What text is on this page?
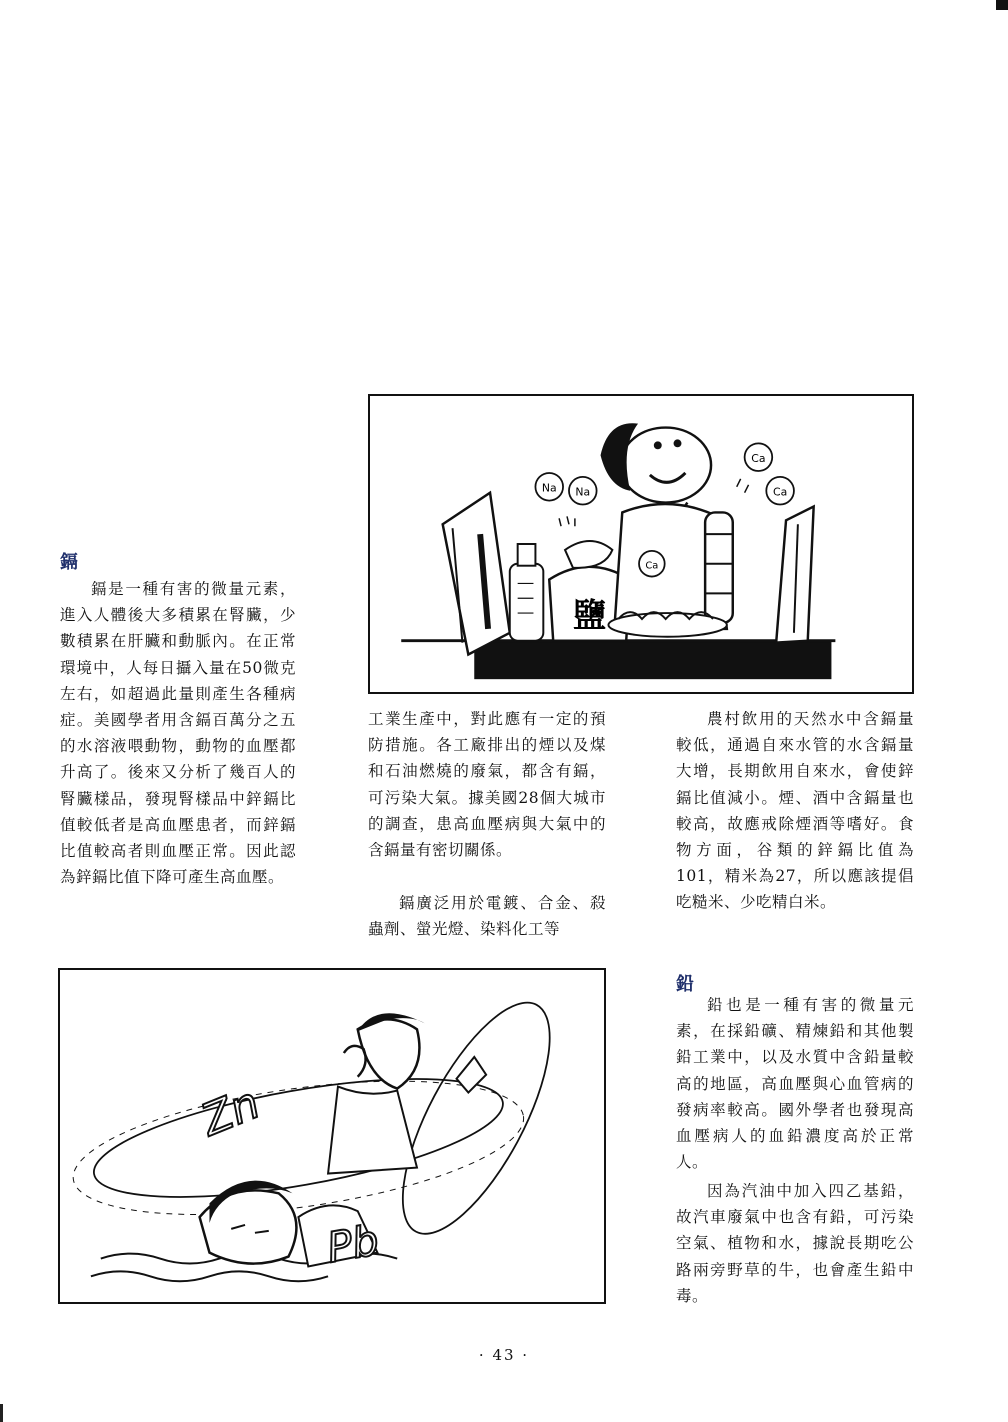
鎘

鎘是一種有害的微量元素，進入人體後大多積累在腎臟，少數積累在肝臟和動脈內。在正常環境中，人每日攝入量在50微克左右，如超過此量則產生各種病症。美國學者用含鎘百萬分之五的水溶液喂動物，動物的血壓都升高了。後來又分析了幾百人的腎臟樣品，發現腎樣品中鋅鎘比值較低者是高血壓患者，而鋅鎘比值較高者則血壓正常。因此認為鋅鎘比值下降可產生高血壓。

鹽
Na Na
Ca
Ca
Ca

工業生產中，對此應有一定的預防措施。各工廠排出的煙以及煤和石油燃燒的廢氣，都含有鎘，可污染大氣。據美國28個大城市的調查，患高血壓病與大氣中的含鎘量有密切關係。

鎘廣泛用於電鍍、合金、殺蟲劑、螢光燈、染料化工等

農村飲用的天然水中含鎘量較低，通過自來水管的水含鎘量大增，長期飲用自來水，會使鋅鎘比值減小。煙、酒中含鎘量也較高，故應戒除煙酒等嗜好。食物方面，谷類的鋅鎘比值為101，精米為27，所以應該提倡吃糙米、少吃精白米。

Zn
Pb
鉛

鉛也是一種有害的微量元素，在採鉛礦、精煉鉛和其他製鉛工業中，以及水質中含鉛量較高的地區，高血壓與心血管病的發病率較高。國外學者也發現高血壓病人的血鉛濃度高於正常人。

因為汽油中加入四乙基鉛，故汽車廢氣中也含有鉛，可污染空氣、植物和水，據說長期吃公路兩旁野草的牛，也會產生鉛中毒。

· 43 ·
